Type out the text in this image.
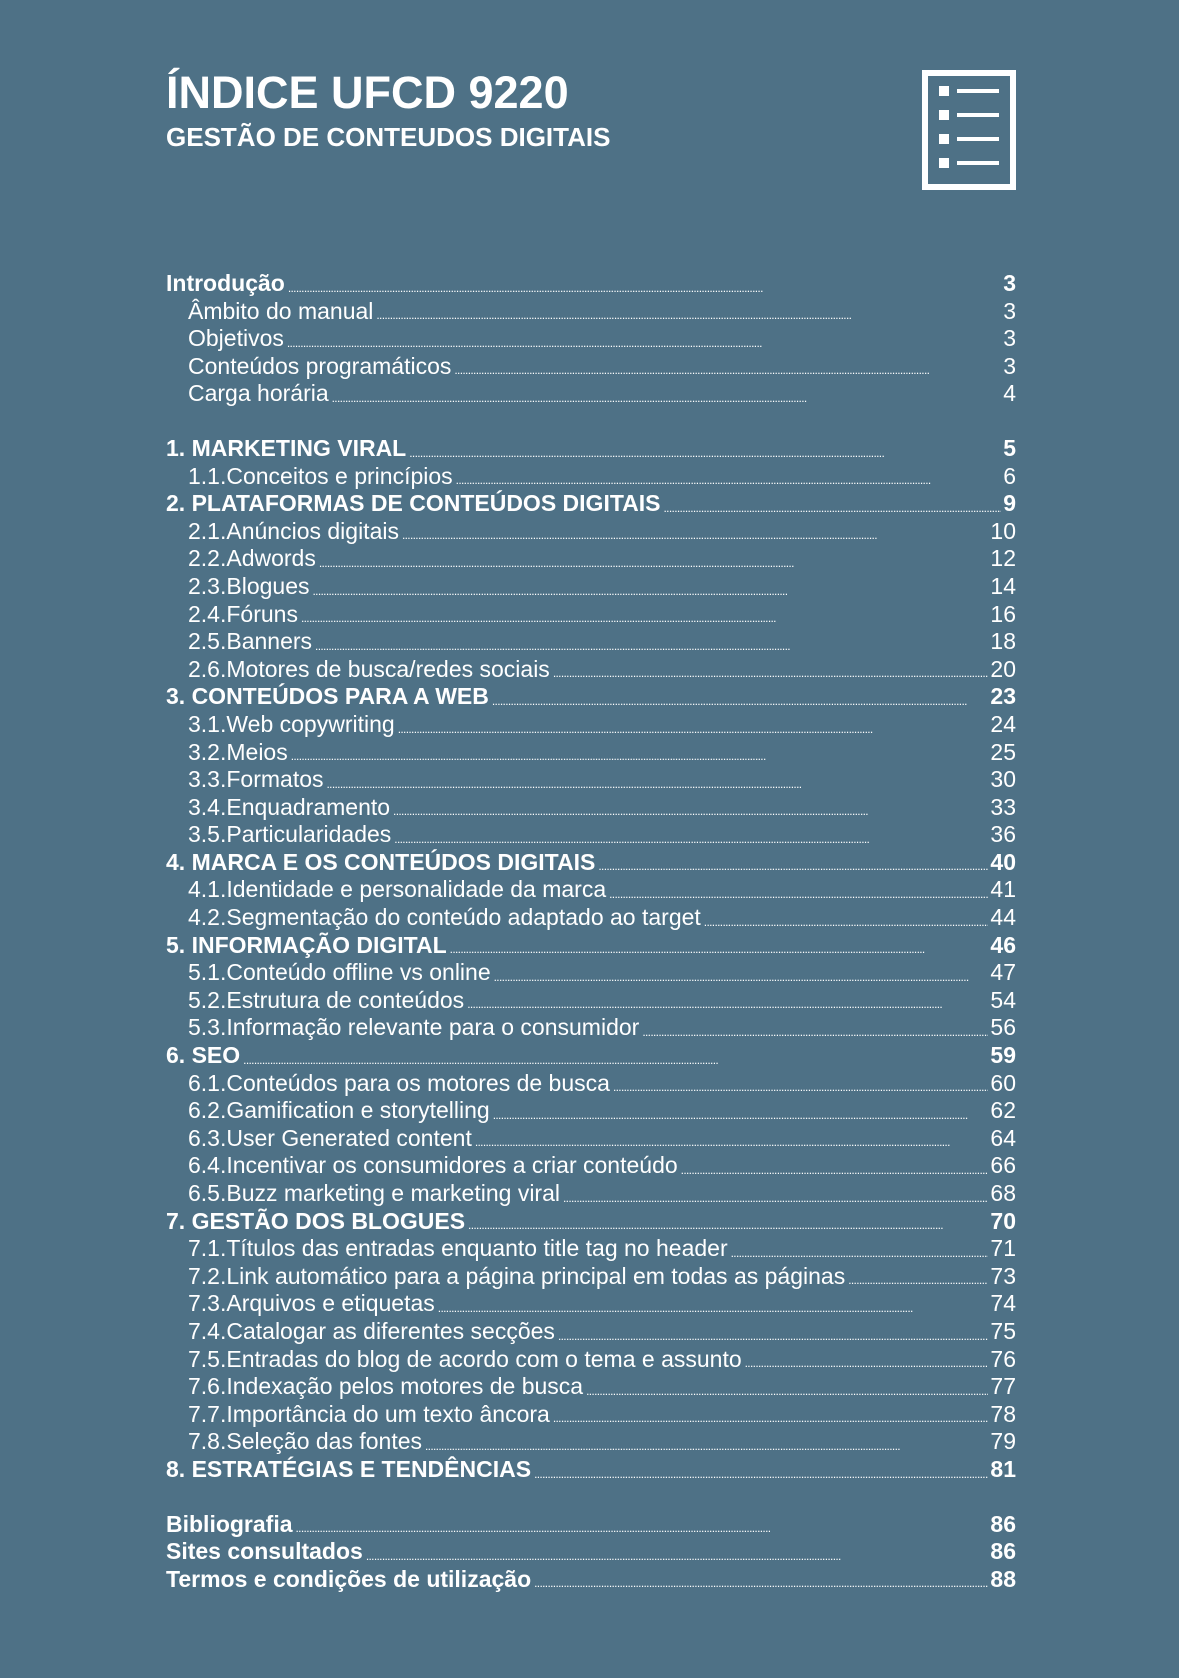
ÍNDICE UFCD 9220
GESTÃO DE CONTEUDOS DIGITAIS
Introdução . . .	3
Âmbito do manual . . .	3
Objetivos . . .	3
Conteúdos programáticos . . .	3
Carga horária . . .	4
1. MARKETING VIRAL . . .	5
1.1.Conceitos e princípios . . .	6
2. PLATAFORMAS DE CONTEÚDOS DIGITAIS . . .	9
2.1.Anúncios digitais . . .	10
2.2.Adwords . . .	12
2.3.Blogues . . .	14
2.4.Fóruns . . .	16
2.5.Banners . . .	18
2.6.Motores de busca/redes sociais . . .	20
3. CONTEÚDOS PARA A WEB . . .	23
3.1.Web copywriting . . .	24
3.2.Meios . . .	25
3.3.Formatos . . .	30
3.4.Enquadramento . . .	33
3.5.Particularidades . . .	36
4. MARCA E OS CONTEÚDOS DIGITAIS . . .	40
4.1.Identidade e personalidade da marca . . .	41
4.2.Segmentação do conteúdo adaptado ao target . . .	44
5. INFORMAÇÃO DIGITAL . . .	46
5.1.Conteúdo offline vs online . . .	47
5.2.Estrutura de conteúdos . . .	54
5.3.Informação relevante para o consumidor . . .	56
6. SEO . . .	59
6.1.Conteúdos para os motores de busca . . .	60
6.2.Gamification e storytelling . . .	62
6.3.User Generated content . . .	64
6.4.Incentivar os consumidores a criar conteúdo . . .	66
6.5.Buzz marketing e marketing viral . . .	68
7. GESTÃO DOS BLOGUES . . .	70
7.1.Títulos das entradas enquanto title tag no header . . .	71
7.2.Link automático para a página principal em todas as páginas . . .	73
7.3.Arquivos e etiquetas . . .	74
7.4.Catalogar as diferentes secções . . .	75
7.5.Entradas do blog de acordo com o tema e assunto . . .	76
7.6.Indexação pelos motores de busca . . .	77
7.7.Importância do um texto âncora . . .	78
7.8.Seleção das fontes . . .	79
8. ESTRATÉGIAS E TENDÊNCIAS . . .	81
Bibliografia . . .	86
Sites consultados . . .	86
Termos e condições de utilização . . .	88
